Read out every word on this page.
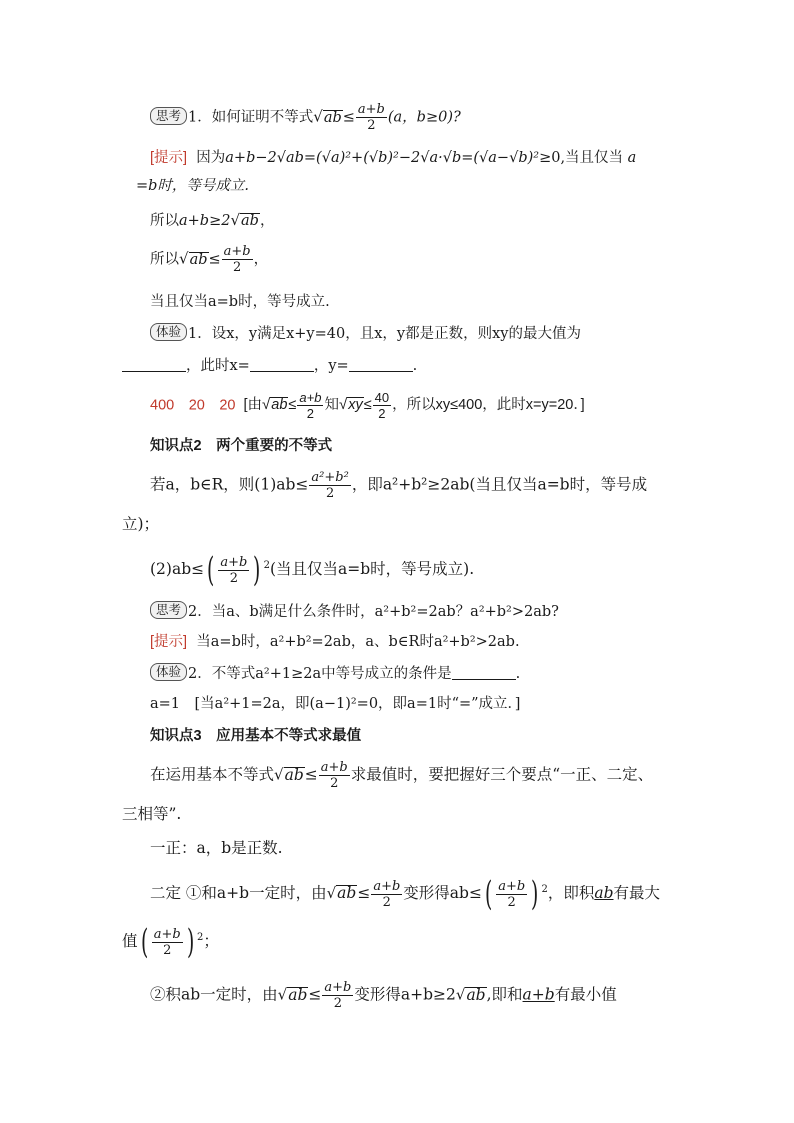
思考 1．如何证明不等式$√ab\le \frac{a+b}{2} (a$，b≥0)?
[提示] 因为a+b−2√ab=(√a)²+(√b)²−2√a·√b=(√a−√b)²≥0,当且仅当 a
=b时，等号成立.
所以a+b≥2√ab，
所以$√ab\le \frac{a+b}{2}$ ，
当且仅当a=b时，等号成立.
体验 1．设x，y满足x+y=40，且x，y都是正数，则xy的最大值为
，此时x=	，y=	.
400　20　20 [由$√ab\le \frac{a+b}{2}$ 知$√xy\le \frac{40}{2}$ ，所以xy≤400，此时x=y=20．]
知识点2　两个重要的不等式
若a，b∈R，则$(1)ab\le \frac{\text{a²+b²}}{2}$ ，即a²+b²≥2ab(当且仅当a=b时，等号成
立)；
$(2)ab\le( \frac{a+b}{2}$ ) $^2$(当且仅当a=b时，等号成立).
思考 2．当a、b满足什么条件时，a²+b²=2ab？a²+b²>2ab?
[提示] 当a=b时，a²+b²=2ab，a、b∈R时a²+b²>2ab.
体验 2．不等式a²+1≥2a中等号成立的条件是	.
a=1　[当a²+1=2a，即(a−1)²=0，即a=1时“=”成立．]
知识点3　应用基本不等式求最值
在运用基本不等式$√ab\le \frac{a+b}{2}$ 求最值时，要把握好三个要点“一正、二定、
三相等”.
一正：a，b是正数.
二定 ①和a+b一定时，由$√ab\le \frac{a+b}{2}$ 变形得$ab\le( \frac{a+b}{2}$ ) $^2$，即积ab有最大
值( $\frac{a+b}{2}$ ) $^2$；
②积ab一定时，由$√ab\le \frac{a+b}{2}$ 变形得a+b≥2√ab,即和a+b有最小值
